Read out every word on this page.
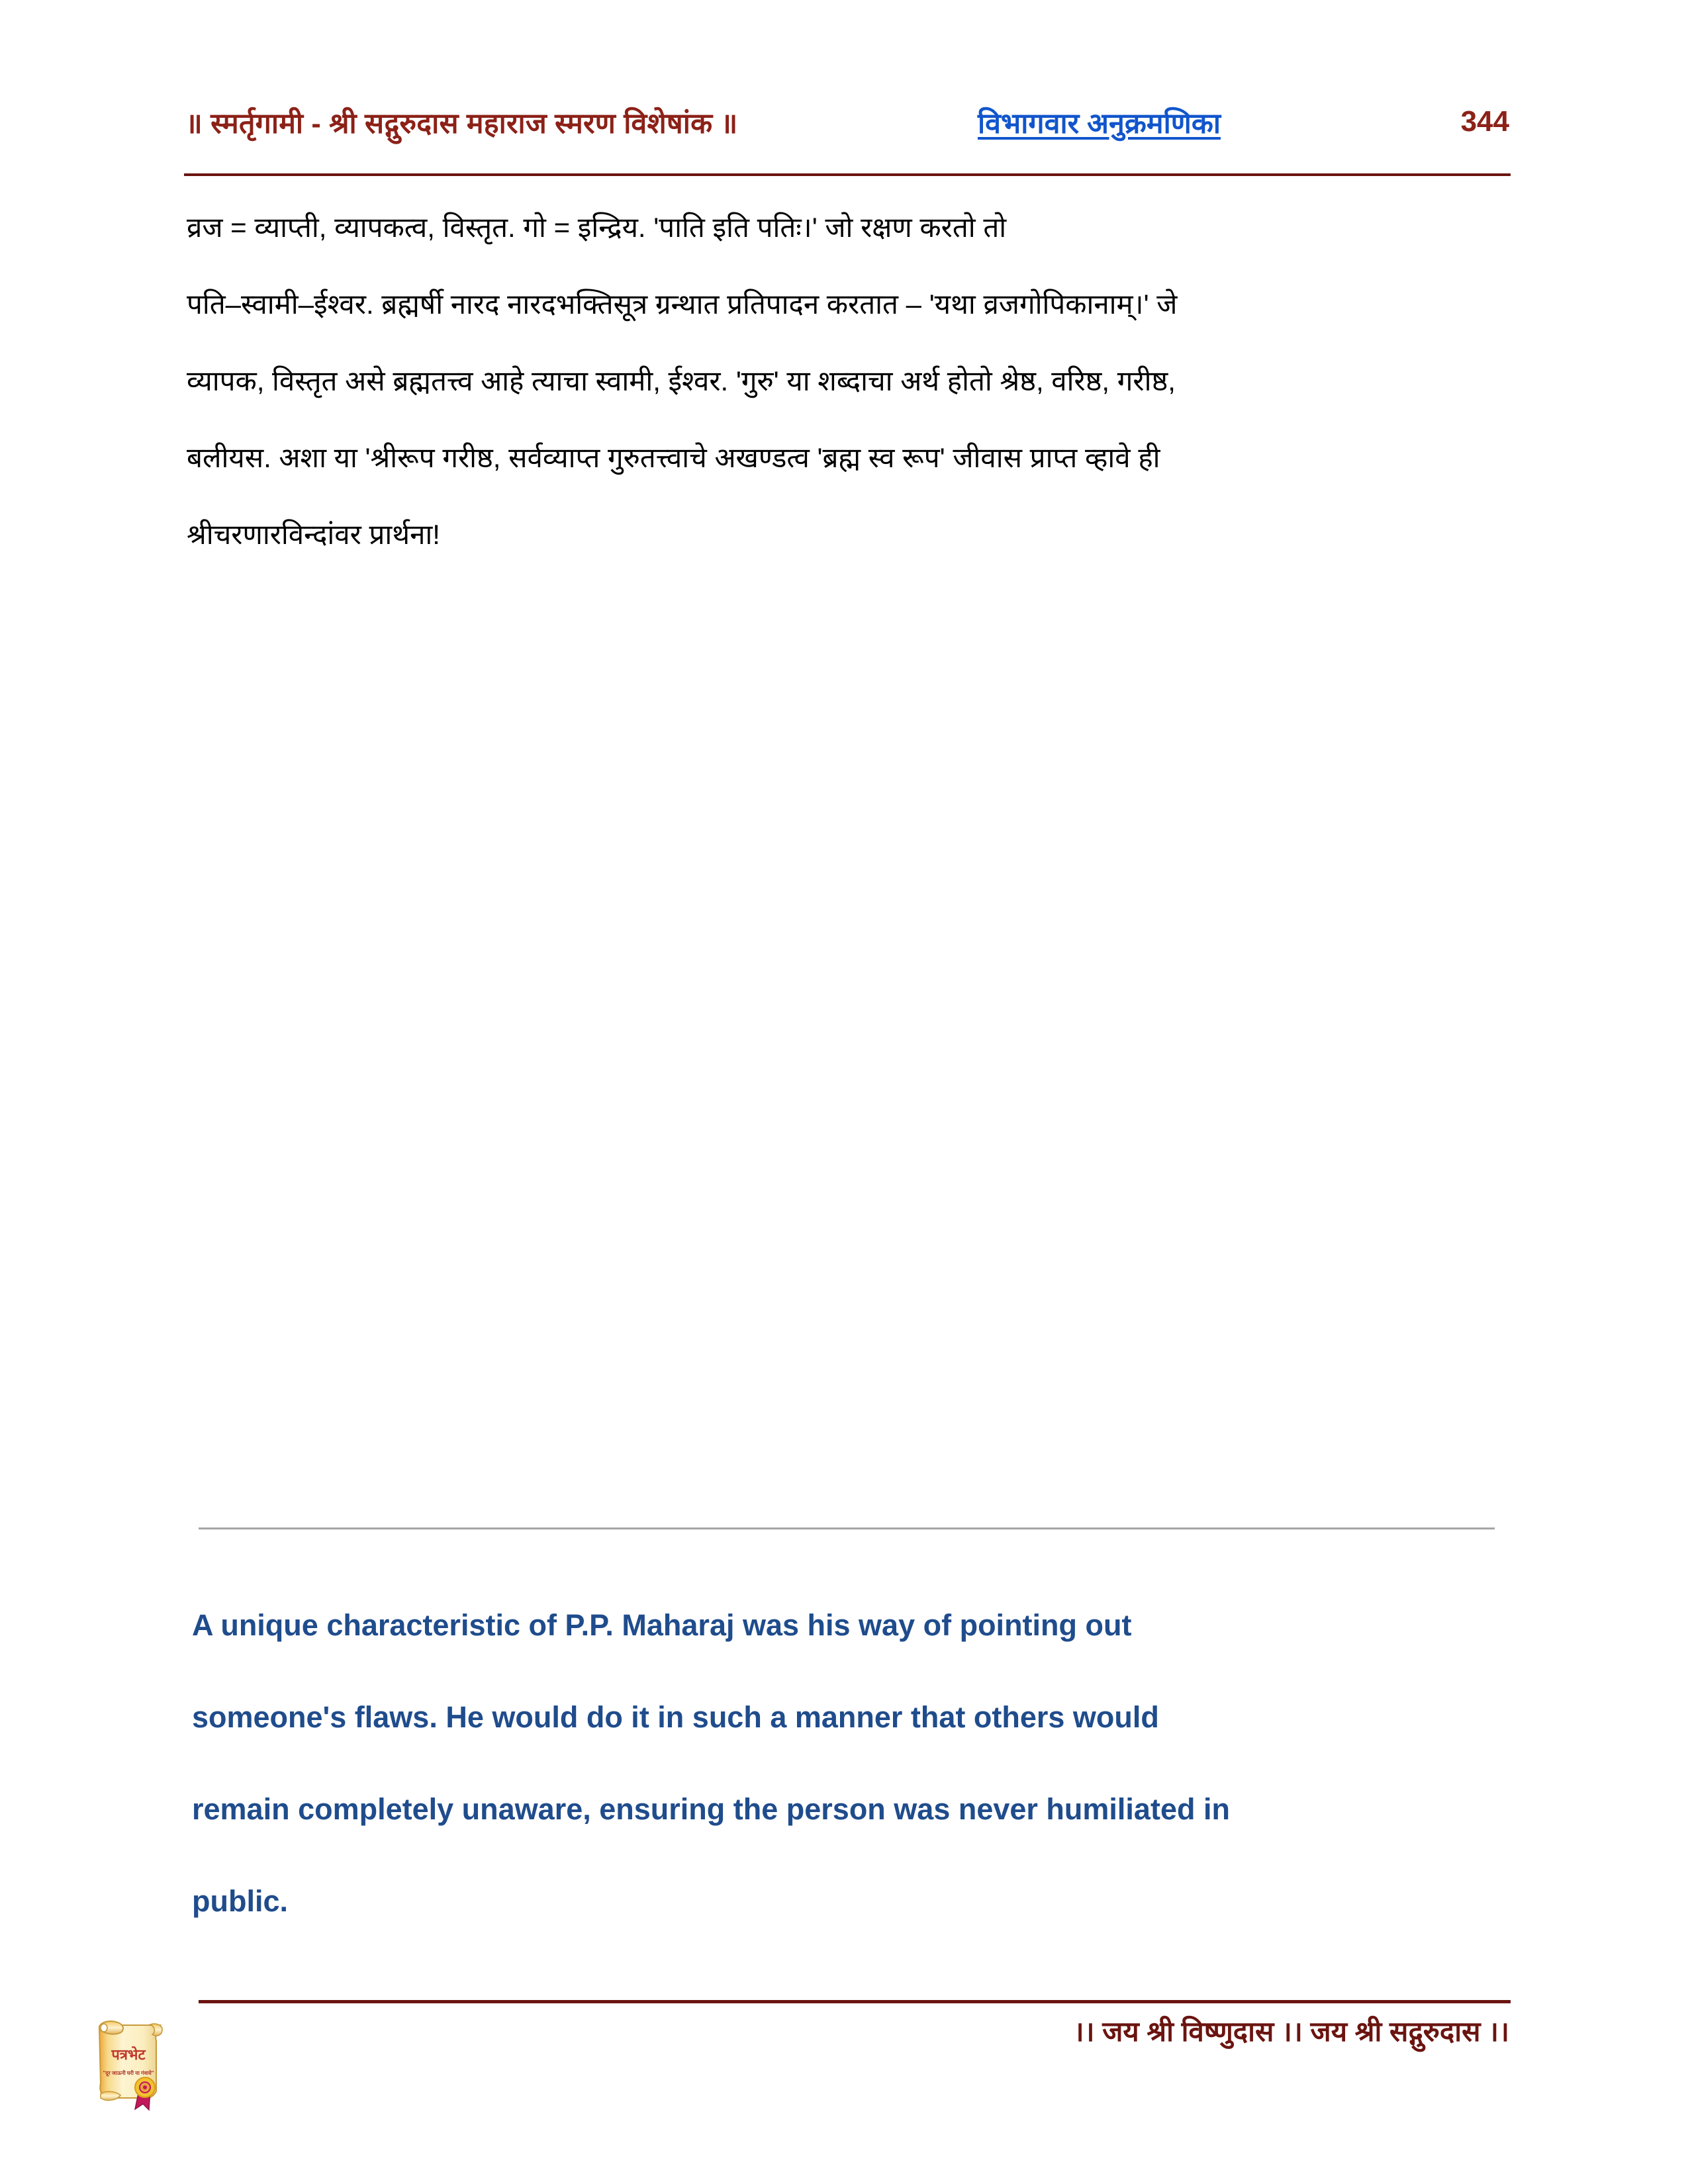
॥ स्मर्तृगामी - श्री सद्गुरुदास महाराज स्मरण विशेषांक ॥	विभागवार अनुक्रमणिका	344
व्रज = व्याप्ती, व्यापकत्व, विस्तृत. गो = इन्द्रिय. 'पाति इति पतिः।' जो रक्षण करतो तो
पति–स्वामी–ईश्वर. ब्रह्मर्षी नारद नारदभक्तिसूत्र ग्रन्थात प्रतिपादन करतात – 'यथा व्रजगोपिकानाम्।' जे
व्यापक, विस्तृत असे ब्रह्मतत्त्व आहे त्याचा स्वामी, ईश्वर. 'गुरु' या शब्दाचा अर्थ होतो श्रेष्ठ, वरिष्ठ, गरीष्ठ,
बलीयस. अशा या 'श्रीरूप गरीष्ठ, सर्वव्याप्त गुरुतत्त्वाचे अखण्डत्व 'ब्रह्म स्व रूप' जीवास प्राप्त व्हावे ही
श्रीचरणारविन्दांवर प्रार्थना!
A unique characteristic of P.P. Maharaj was his way of pointing out
someone's flaws. He would do it in such a manner that others would
remain completely unaware, ensuring the person was never humiliated in
public.
।। जय श्री विष्णुदास ।। जय श्री सद्गुरुदास ।।
पत्रभेट
"दूर जाऊनी घरी या गंवाये"
